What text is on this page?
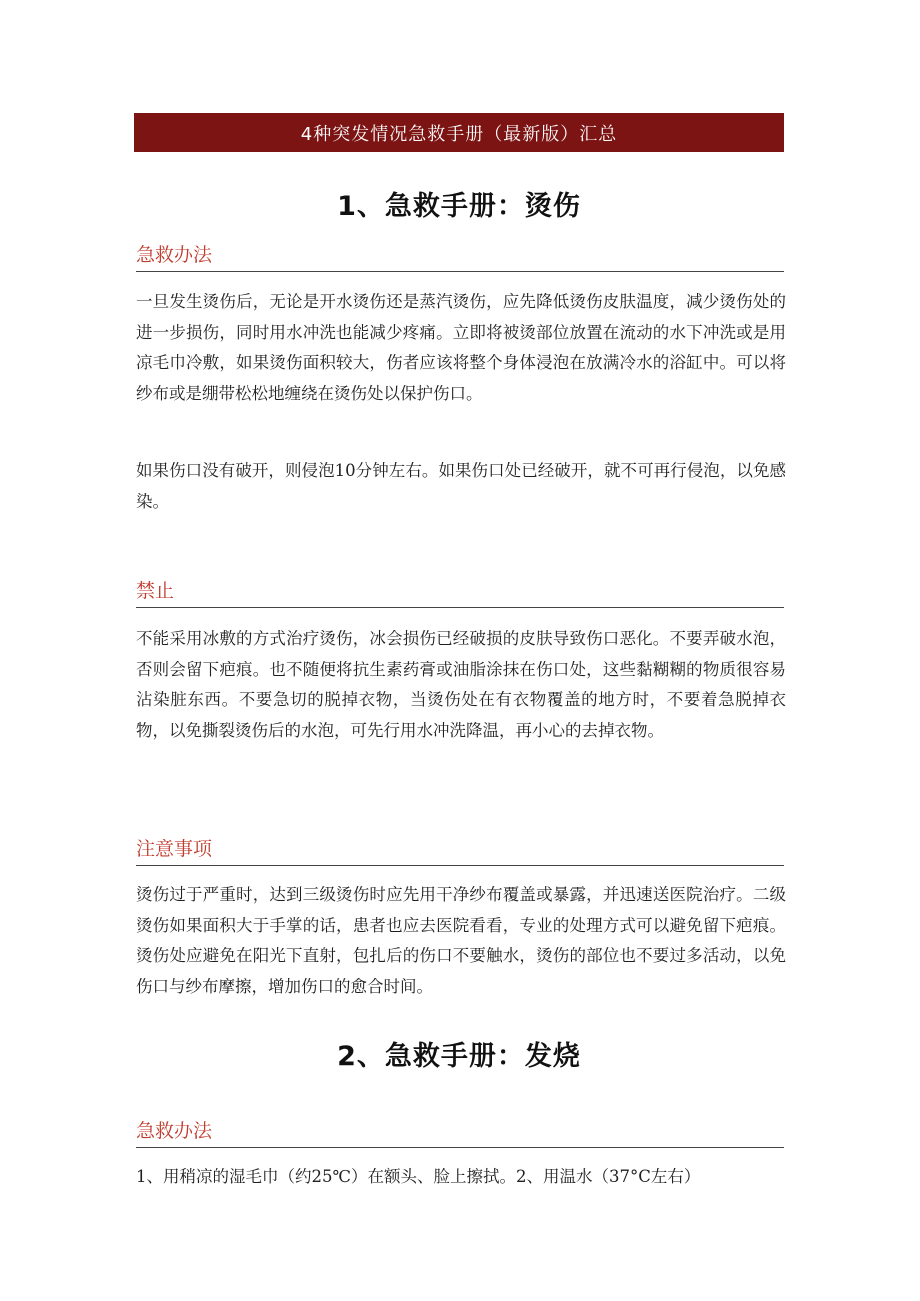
4种突发情况急救手册（最新版）汇总
1、急救手册：烫伤
急救办法
一旦发生烫伤后，无论是开水烫伤还是蒸汽烫伤，应先降低烫伤皮肤温度，减少烫伤处的进一步损伤，同时用水冲洗也能减少疼痛。立即将被烫部位放置在流动的水下冲洗或是用凉毛巾冷敷，如果烫伤面积较大，伤者应该将整个身体浸泡在放满冷水的浴缸中。可以将纱布或是绷带松松地缠绕在烫伤处以保护伤口。
如果伤口没有破开，则侵泡10分钟左右。如果伤口处已经破开，就不可再行侵泡，以免感染。
禁止
不能采用冰敷的方式治疗烫伤，冰会损伤已经破损的皮肤导致伤口恶化。不要弄破水泡，否则会留下疤痕。也不随便将抗生素药膏或油脂涂抹在伤口处，这些黏糊糊的物质很容易沾染脏东西。不要急切的脱掉衣物，当烫伤处在有衣物覆盖的地方时，不要着急脱掉衣物，以免撕裂烫伤后的水泡，可先行用水冲洗降温，再小心的去掉衣物。
注意事项
烫伤过于严重时，达到三级烫伤时应先用干净纱布覆盖或暴露，并迅速送医院治疗。二级烫伤如果面积大于手掌的话，患者也应去医院看看，专业的处理方式可以避免留下疤痕。烫伤处应避免在阳光下直射，包扎后的伤口不要触水，烫伤的部位也不要过多活动，以免伤口与纱布摩擦，增加伤口的愈合时间。
2、急救手册：发烧
急救办法
1、用稍凉的湿毛巾（约25℃）在额头、脸上擦拭。2、用温水（37°C左右）
